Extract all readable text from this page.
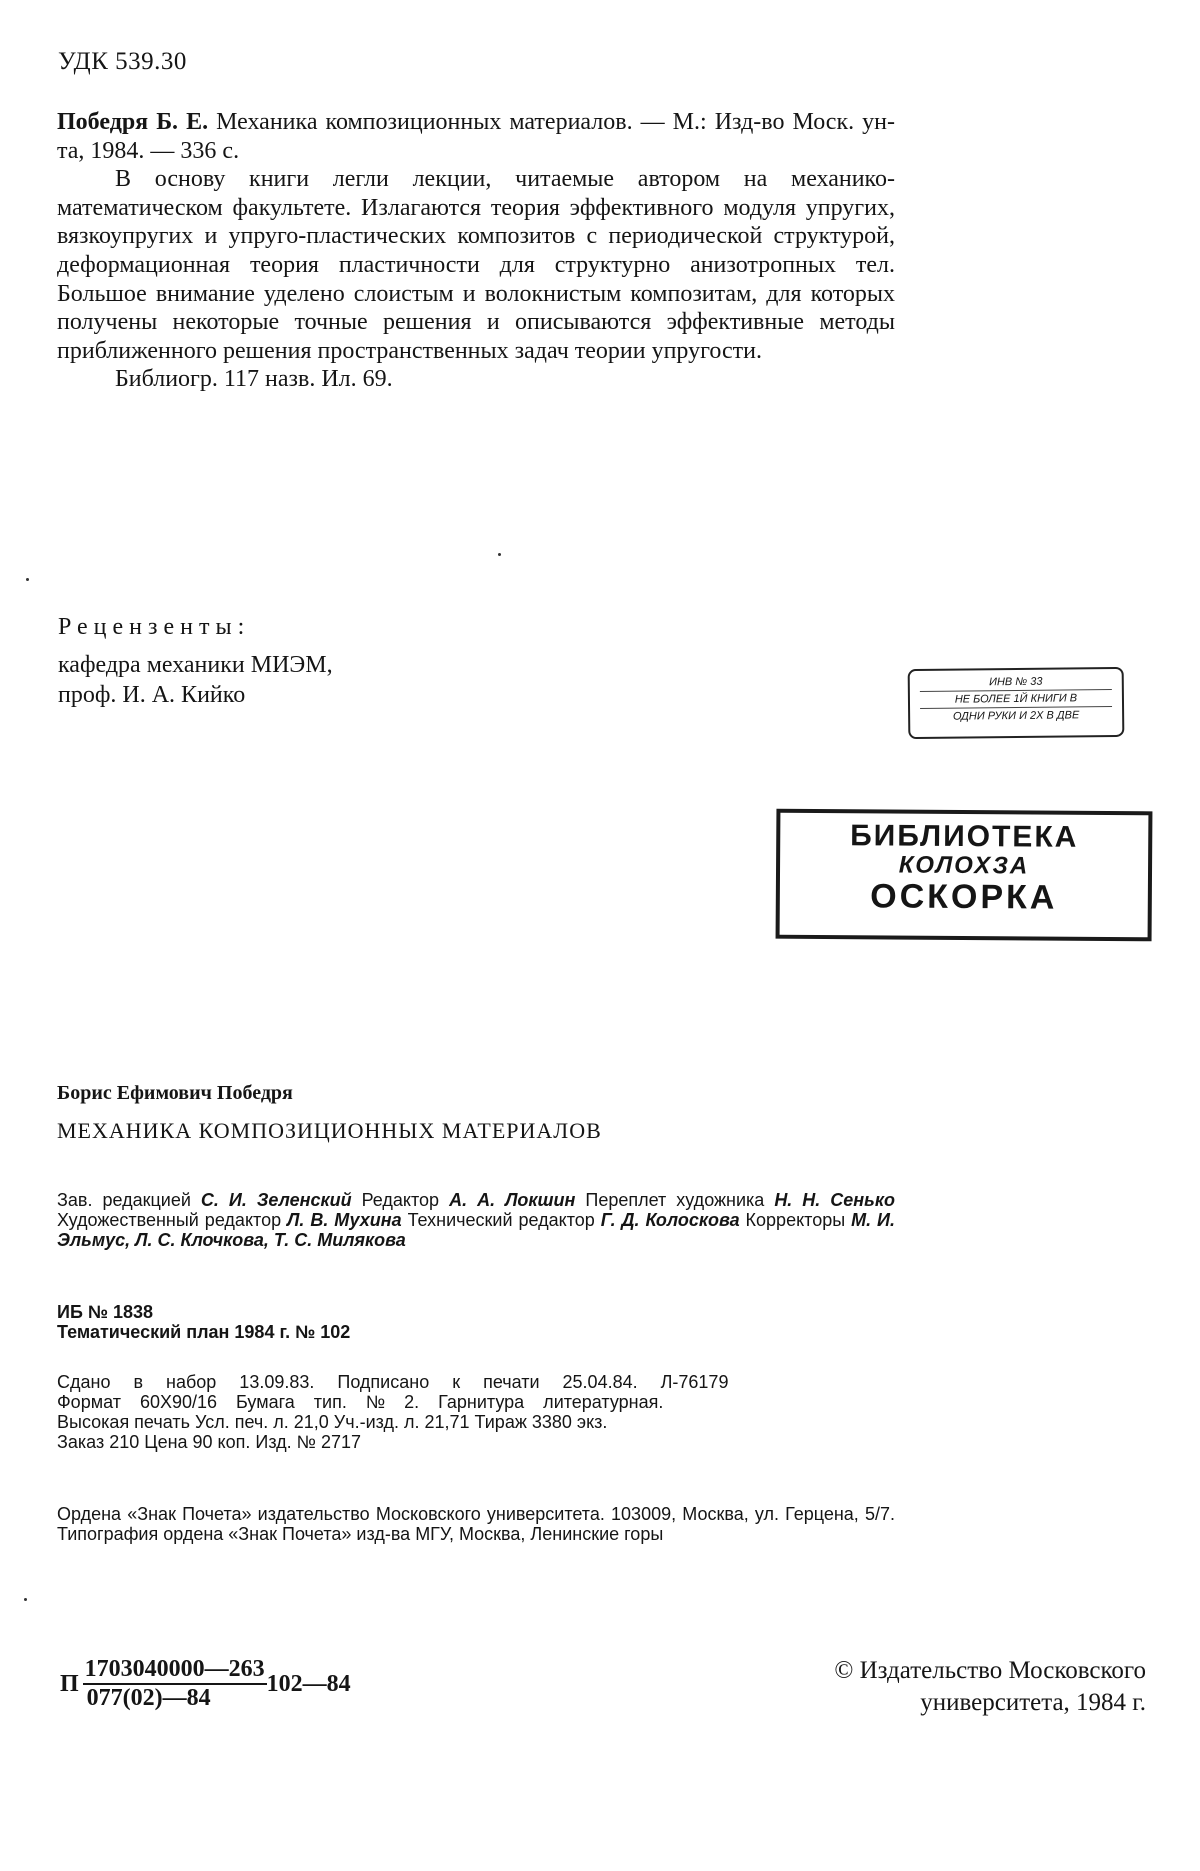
УДК 539.30

Победря Б. Е. Механика композиционных материалов. — М.: Изд-во Моск. ун-та, 1984. — 336 с.

В основу книги легли лекции, читаемые автором на механико-математическом факультете. Излагаются теория эффективного модуля упругих, вязкоупругих и упруго-пластических композитов с периодической структурой, деформационная теория пластичности для структурно анизотропных тел. Большое внимание уделено слоистым и волокнистым композитам, для которых получены некоторые точные решения и описываются эффективные методы приближенного решения пространственных задач теории упругости.

Библиогр. 117 назв. Ил. 69.

Рецензенты:
кафедра механики МИЭМ,
проф. И. А. Кийко	ИНВ № 33
НЕ БОЛЕЕ 1Й КНИГИ В
ОДНИ РУКИ И 2Х В ДВЕ
БИБЛИОТЕКА
КОЛОХЗА
ОСКОРКА
Борис Ефимович Победря
МЕХАНИКА КОМПОЗИЦИОННЫХ МАТЕРИАЛОВ

Зав. редакцией С. И. Зеленский Редактор А. А. Локшин Переплет художника Н. Н. Сенько Художественный редактор Л. В. Мухина Технический редактор Г. Д. Колоскова Корректоры М. И. Эльмус, Л. С. Клочкова, Т. С. Милякова

ИБ № 1838
Тематический план 1984 г. № 102

Сдано в набор 13.09.83. Подписано к печати 25.04.84. Л-76179

Формат 60X90/16 Бумага тип. № 2. Гарнитура литературная.

Высокая печать Усл. печ. л. 21,0 Уч.-изд. л. 21,71 Тираж 3380 экз.

Заказ 210 Цена 90 коп. Изд. № 2717

Ордена «Знак Почета» издательство Московского университета. 103009, Москва, ул. Герцена, 5/7. Типография ордена «Знак Почета» изд-ва МГУ, Москва, Ленинские горы

П $\frac{1703040000—263}{077(02)—84}$ 102—84	© Издательство Московского
университета, 1984 г.
